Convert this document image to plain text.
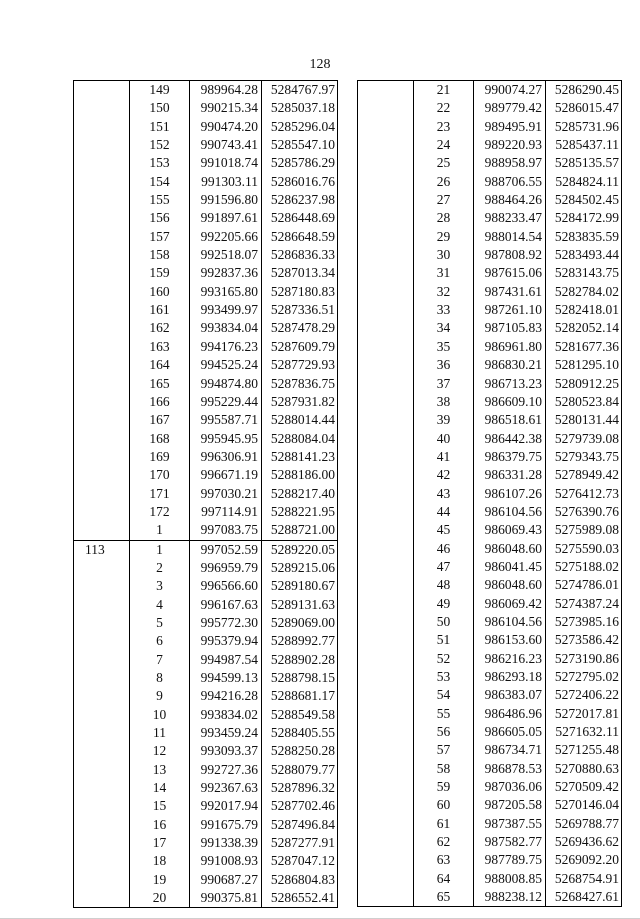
128
	149	989964.28	5284767.97
	150	990215.34	5285037.18
	151	990474.20	5285296.04
	152	990743.41	5285547.10
	153	991018.74	5285786.29
	154	991303.11	5286016.76
	155	991596.80	5286237.98
	156	991897.61	5286448.69
	157	992205.66	5286648.59
	158	992518.07	5286836.33
	159	992837.36	5287013.34
	160	993165.80	5287180.83
	161	993499.97	5287336.51
	162	993834.04	5287478.29
	163	994176.23	5287609.79
	164	994525.24	5287729.93
	165	994874.80	5287836.75
	166	995229.44	5287931.82
	167	995587.71	5288014.44
	168	995945.95	5288084.04
	169	996306.91	5288141.23
	170	996671.19	5288186.00
	171	997030.21	5288217.40
	172	997114.91	5288221.95
	1	997083.75	5288721.00
113	1	997052.59	5289220.05
	2	996959.79	5289215.06
	3	996566.60	5289180.67
	4	996167.63	5289131.63
	5	995772.30	5289069.00
	6	995379.94	5288992.77
	7	994987.54	5288902.28
	8	994599.13	5288798.15
	9	994216.28	5288681.17
	10	993834.02	5288549.58
	11	993459.24	5288405.55
	12	993093.37	5288250.28
	13	992727.36	5288079.77
	14	992367.63	5287896.32
	15	992017.94	5287702.46
	16	991675.79	5287496.84
	17	991338.39	5287277.91
	18	991008.93	5287047.12
	19	990687.27	5286804.83
	20	990375.81	5286552.41
	21	990074.27	5286290.45
	22	989779.42	5286015.47
	23	989495.91	5285731.96
	24	989220.93	5285437.11
	25	988958.97	5285135.57
	26	988706.55	5284824.11
	27	988464.26	5284502.45
	28	988233.47	5284172.99
	29	988014.54	5283835.59
	30	987808.92	5283493.44
	31	987615.06	5283143.75
	32	987431.61	5282784.02
	33	987261.10	5282418.01
	34	987105.83	5282052.14
	35	986961.80	5281677.36
	36	986830.21	5281295.10
	37	986713.23	5280912.25
	38	986609.10	5280523.84
	39	986518.61	5280131.44
	40	986442.38	5279739.08
	41	986379.75	5279343.75
	42	986331.28	5278949.42
	43	986107.26	5276412.73
	44	986104.56	5276390.76
	45	986069.43	5275989.08
	46	986048.60	5275590.03
	47	986041.45	5275188.02
	48	986048.60	5274786.01
	49	986069.42	5274387.24
	50	986104.56	5273985.16
	51	986153.60	5273586.42
	52	986216.23	5273190.86
	53	986293.18	5272795.02
	54	986383.07	5272406.22
	55	986486.96	5272017.81
	56	986605.05	5271632.11
	57	986734.71	5271255.48
	58	986878.53	5270880.63
	59	987036.06	5270509.42
	60	987205.58	5270146.04
	61	987387.55	5269788.77
	62	987582.77	5269436.62
	63	987789.75	5269092.20
	64	988008.85	5268754.91
	65	988238.12	5268427.61
